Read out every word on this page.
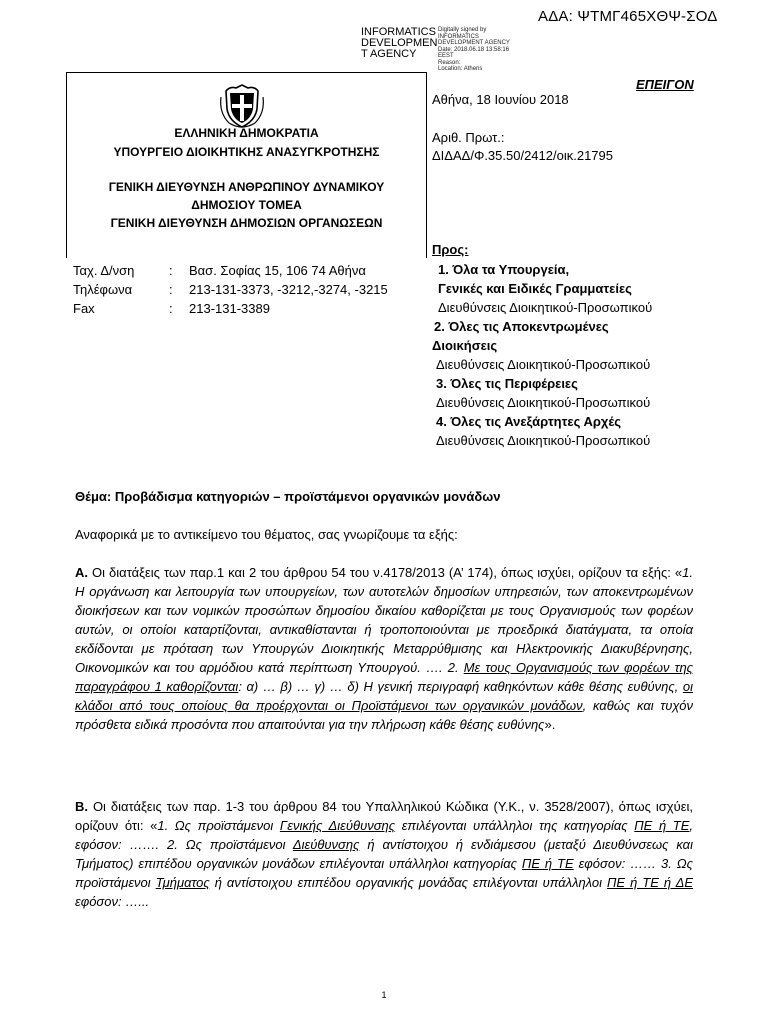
ΑΔΑ: ΨΤΜΓ465ΧΘΨ-ΣΟΔ
INFORMATICS
DEVELOPMEN
T AGENCY
Digitally signed by
INFORMATICS
DEVELOPMENT AGENCY
Date: 2018.06.18 13:58:16
EEST
Reason:
Location: Athens
ΕΛΛΗΝΙΚΗ ΔΗΜΟΚΡΑΤΙΑ
ΥΠΟΥΡΓΕΙΟ ΔΙΟΙΚΗΤΙΚΗΣ ΑΝΑΣΥΓΚΡΟΤΗΣΗΣ
ΓΕΝΙΚΗ ΔΙΕΥΘΥΝΣΗ ΑΝΘΡΩΠΙΝΟΥ ΔΥΝΑΜΙΚΟΥ
ΔΗΜΟΣΙΟΥ ΤΟΜΕΑ
ΓΕΝΙΚΗ ΔΙΕΥΘΥΝΣΗ ΔΗΜΟΣΙΩΝ ΟΡΓΑΝΩΣΕΩΝ
ΕΠΕΙΓΟΝ
Αθήνα, 18 Ιουνίου 2018
Αριθ. Πρωτ.:
ΔΙΔΑΔ/Φ.35.50/2412/οικ.21795
Ταχ. Δ/νση	: Βασ. Σοφίας 15, 106 74 Αθήνα
Τηλέφωνα	: 213-131-3373, -3212,-3274, -3215
Fax	: 213-131-3389
Προς:
1. Όλα τα Υπουργεία,
Γενικές και Ειδικές Γραμματείες
Διευθύνσεις Διοικητικού-Προσωπικού
2. Όλες τις Αποκεντρωμένες
Διοικήσεις
Διευθύνσεις Διοικητικού-Προσωπικού
3. Όλες τις Περιφέρειες
Διευθύνσεις Διοικητικού-Προσωπικού
4. Όλες τις Ανεξάρτητες Αρχές
Διευθύνσεις Διοικητικού-Προσωπικού
Θέμα: Προβάδισμα κατηγοριών – προϊστάμενοι οργανικών μονάδων
Αναφορικά με το αντικείμενο του θέματος, σας γνωρίζουμε τα εξής:
Α. Οι διατάξεις των παρ.1 και 2 του άρθρου 54 του ν.4178/2013 (Α’ 174), όπως ισχύει, ορίζουν τα εξής: «1. Η οργάνωση και λειτουργία των υπουργείων, των αυτοτελών δημοσίων υπηρεσιών, των αποκεντρωμένων διοικήσεων και των νομικών προσώπων δημοσίου δικαίου καθορίζεται με τους Οργανισμούς των φορέων αυτών, οι οποίοι καταρτίζονται, αντικαθίστανται ή τροποποιούνται με προεδρικά διατάγματα, τα οποία εκδίδονται με πρόταση των Υπουργών Διοικητικής Μεταρρύθμισης και Ηλεκτρονικής Διακυβέρνησης, Οικονομικών και του αρμόδιου κατά περίπτωση Υπουργού. …. 2. Με τους Οργανισμούς των φορέων της παραγράφου 1 καθορίζονται: α) … β) … γ) … δ) Η γενική περιγραφή καθηκόντων κάθε θέσης ευθύνης, οι κλάδοι από τους οποίους θα προέρχονται οι Προϊστάμενοι των οργανικών μονάδων, καθώς και τυχόν πρόσθετα ειδικά προσόντα που απαιτούνται για την πλήρωση κάθε θέσης ευθύνης».
Β. Οι διατάξεις των παρ. 1-3 του άρθρου 84 του Υπαλληλικού Κώδικα (Υ.Κ., ν. 3528/2007), όπως ισχύει, ορίζουν ότι: «1. Ως προϊστάμενοι Γενικής Διεύθυνσης επιλέγονται υπάλληλοι της κατηγορίας ΠΕ ή ΤΕ, εφόσον: ……. 2. Ως προϊστάμενοι Διεύθυνσης ή αντίστοιχου ή ενδιάμεσου (μεταξύ Διευθύνσεως και Τμήματος) επιπέδου οργανικών μονάδων επιλέγονται υπάλληλοι κατηγορίας ΠΕ ή ΤΕ εφόσον: …… 3. Ως προϊστάμενοι Τμήματος ή αντίστοιχου επιπέδου οργανικής μονάδας επιλέγονται υπάλληλοι ΠΕ ή ΤΕ ή ΔΕ εφόσον: …...
1
